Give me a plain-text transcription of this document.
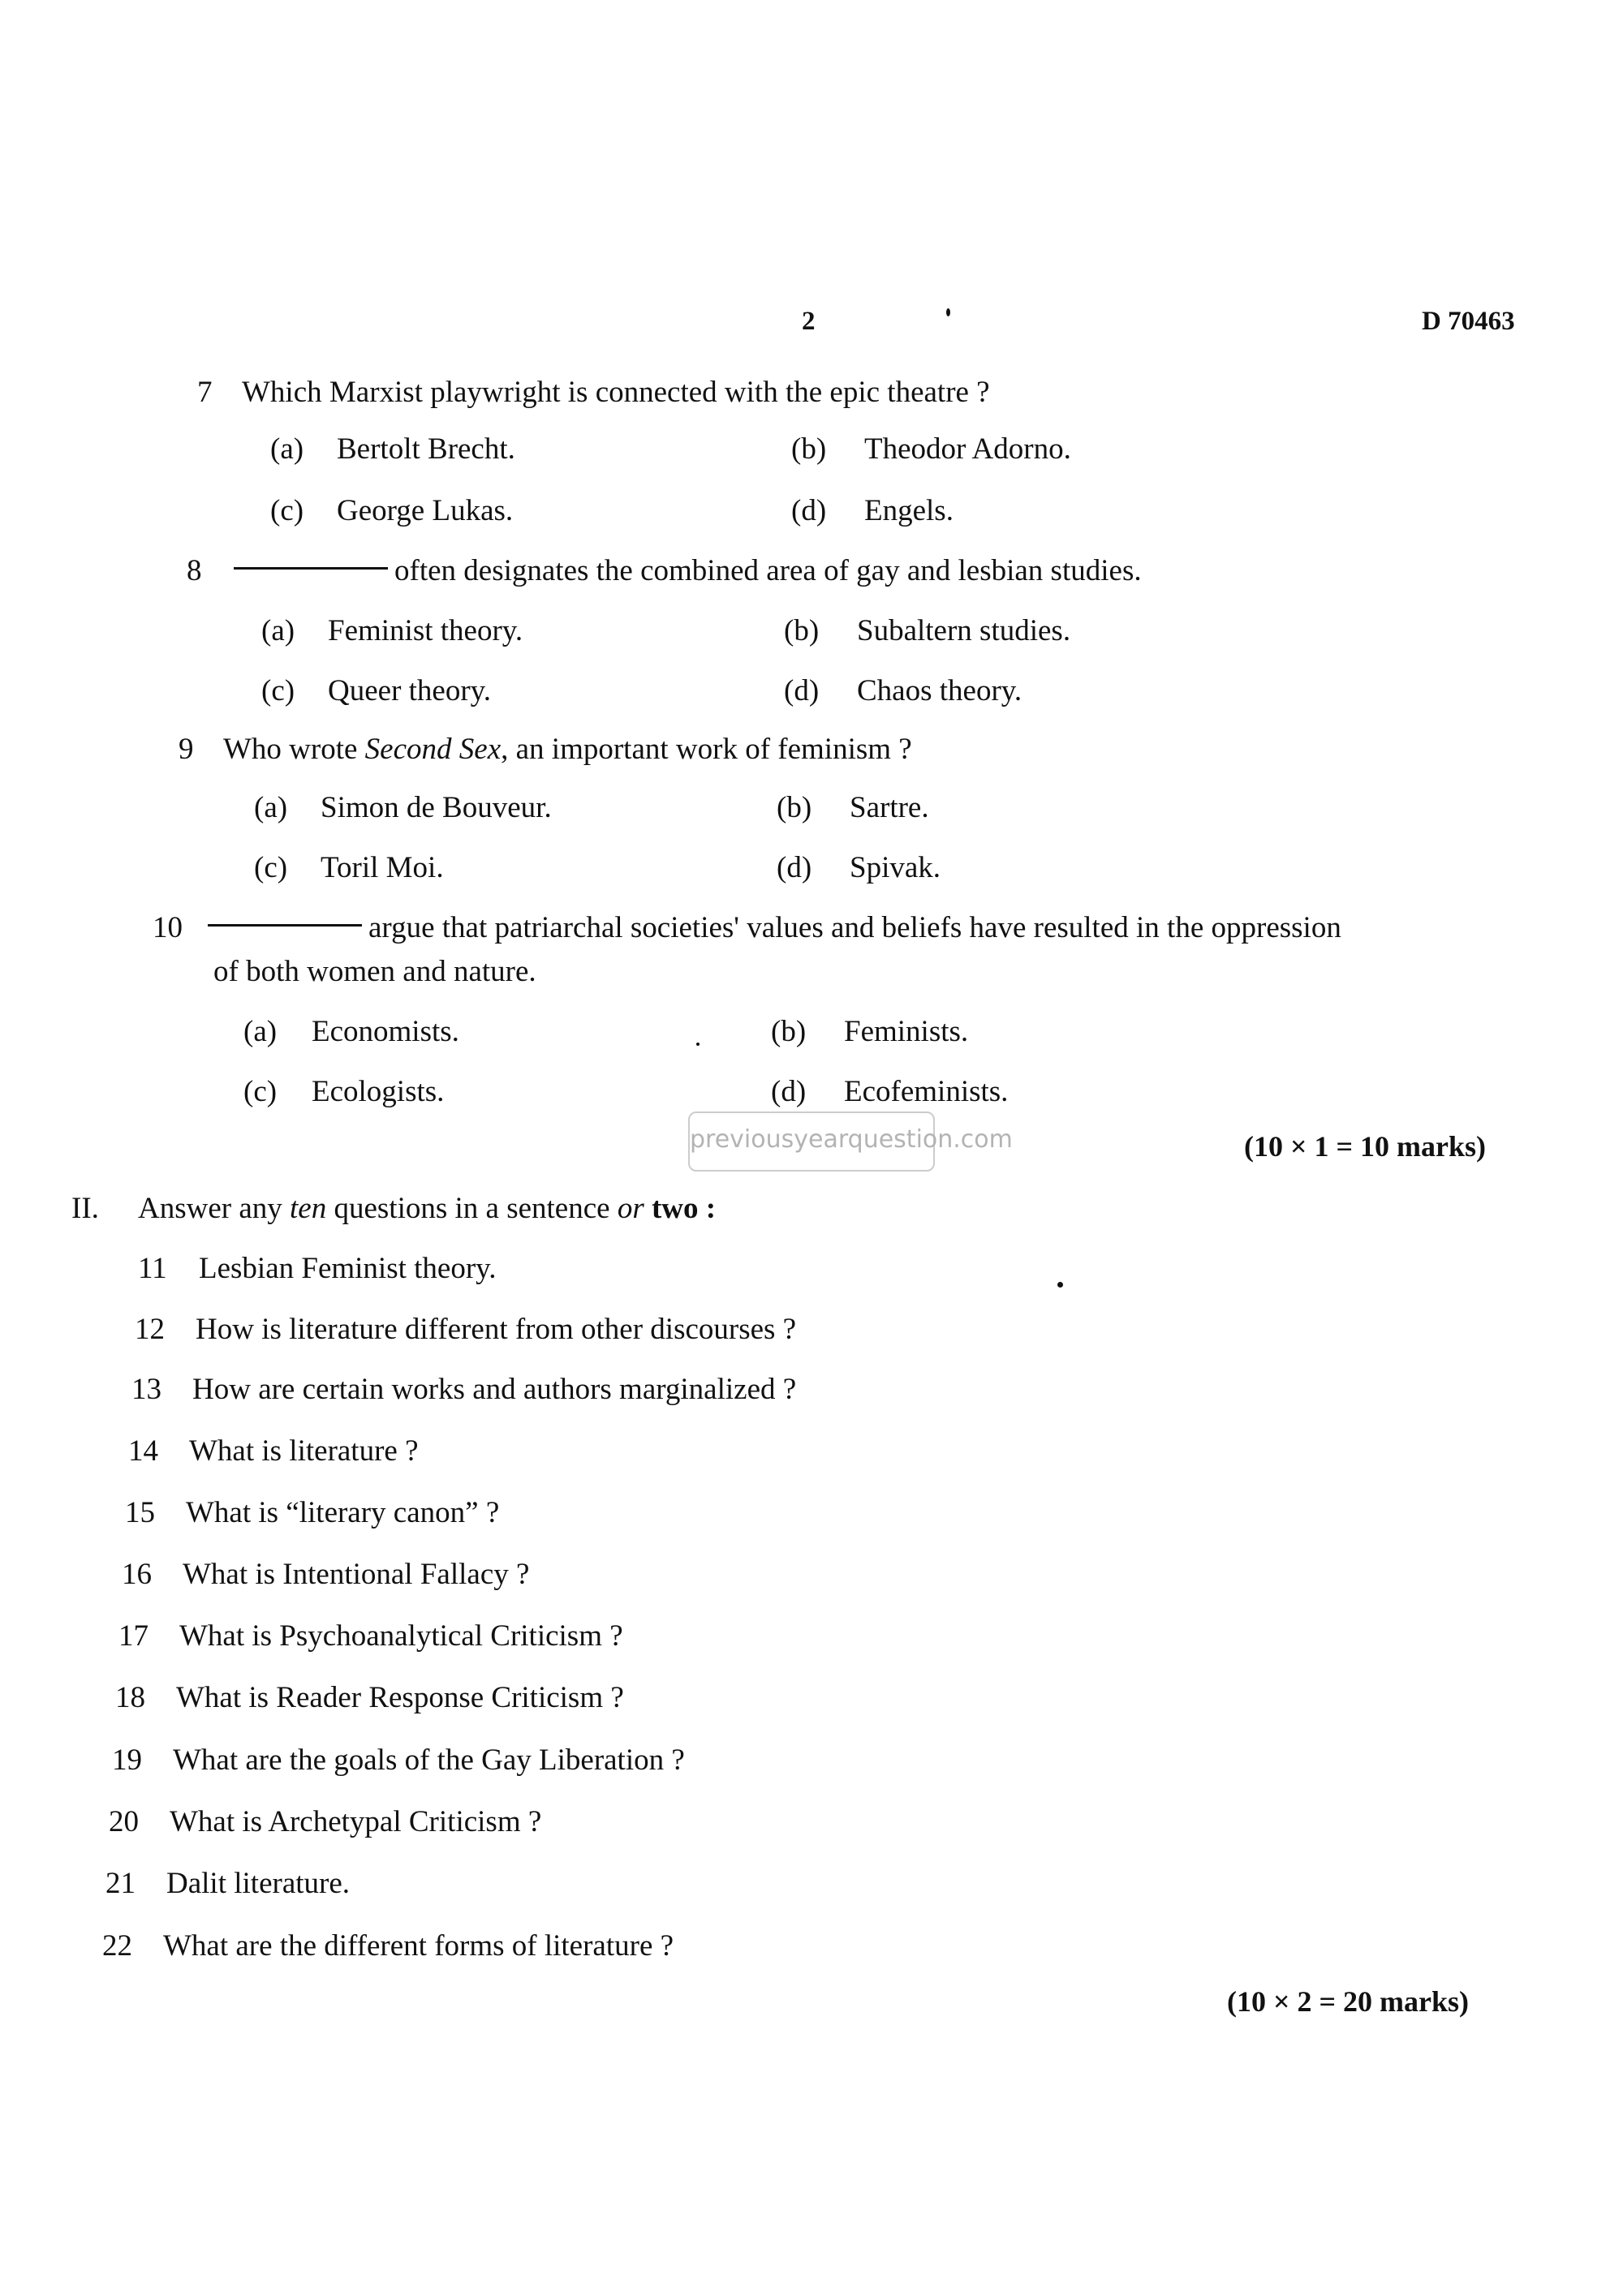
2	D 70463
7 Which Marxist playwright is connected with the epic theatre ?
(a) Bertolt Brecht.	(b) Theodor Adorno.
(c) George Lukas.	(d) Engels.
8	often designates the combined area of gay and lesbian studies.
(a) Feminist theory.	(b) Subaltern studies.
(c) Queer theory.	(d) Chaos theory.
9 Who wrote Second Sex, an important work of feminism ?
(a) Simon de Bouveur.	(b) Sartre.
(c) Toril Moi.	(d) Spivak.
10	argue that patriarchal societies' values and beliefs have resulted in the oppression
of both women and nature.
(a) Economists.	(b) Feminists.
(c) Ecologists.	(d) Ecofeminists.
previousyearquestion.com	(10 × 1 = 10 marks)
II. Answer any ten questions in a sentence or two :
11 Lesbian Feminist theory.
12 How is literature different from other discourses ?
13 How are certain works and authors marginalized ?
14 What is literature ?
15 What is “literary canon” ?
16 What is Intentional Fallacy ?
17 What is Psychoanalytical Criticism ?
18 What is Reader Response Criticism ?
19 What are the goals of the Gay Liberation ?
20 What is Archetypal Criticism ?
21 Dalit literature.
22 What are the different forms of literature ?
(10 × 2 = 20 marks)
